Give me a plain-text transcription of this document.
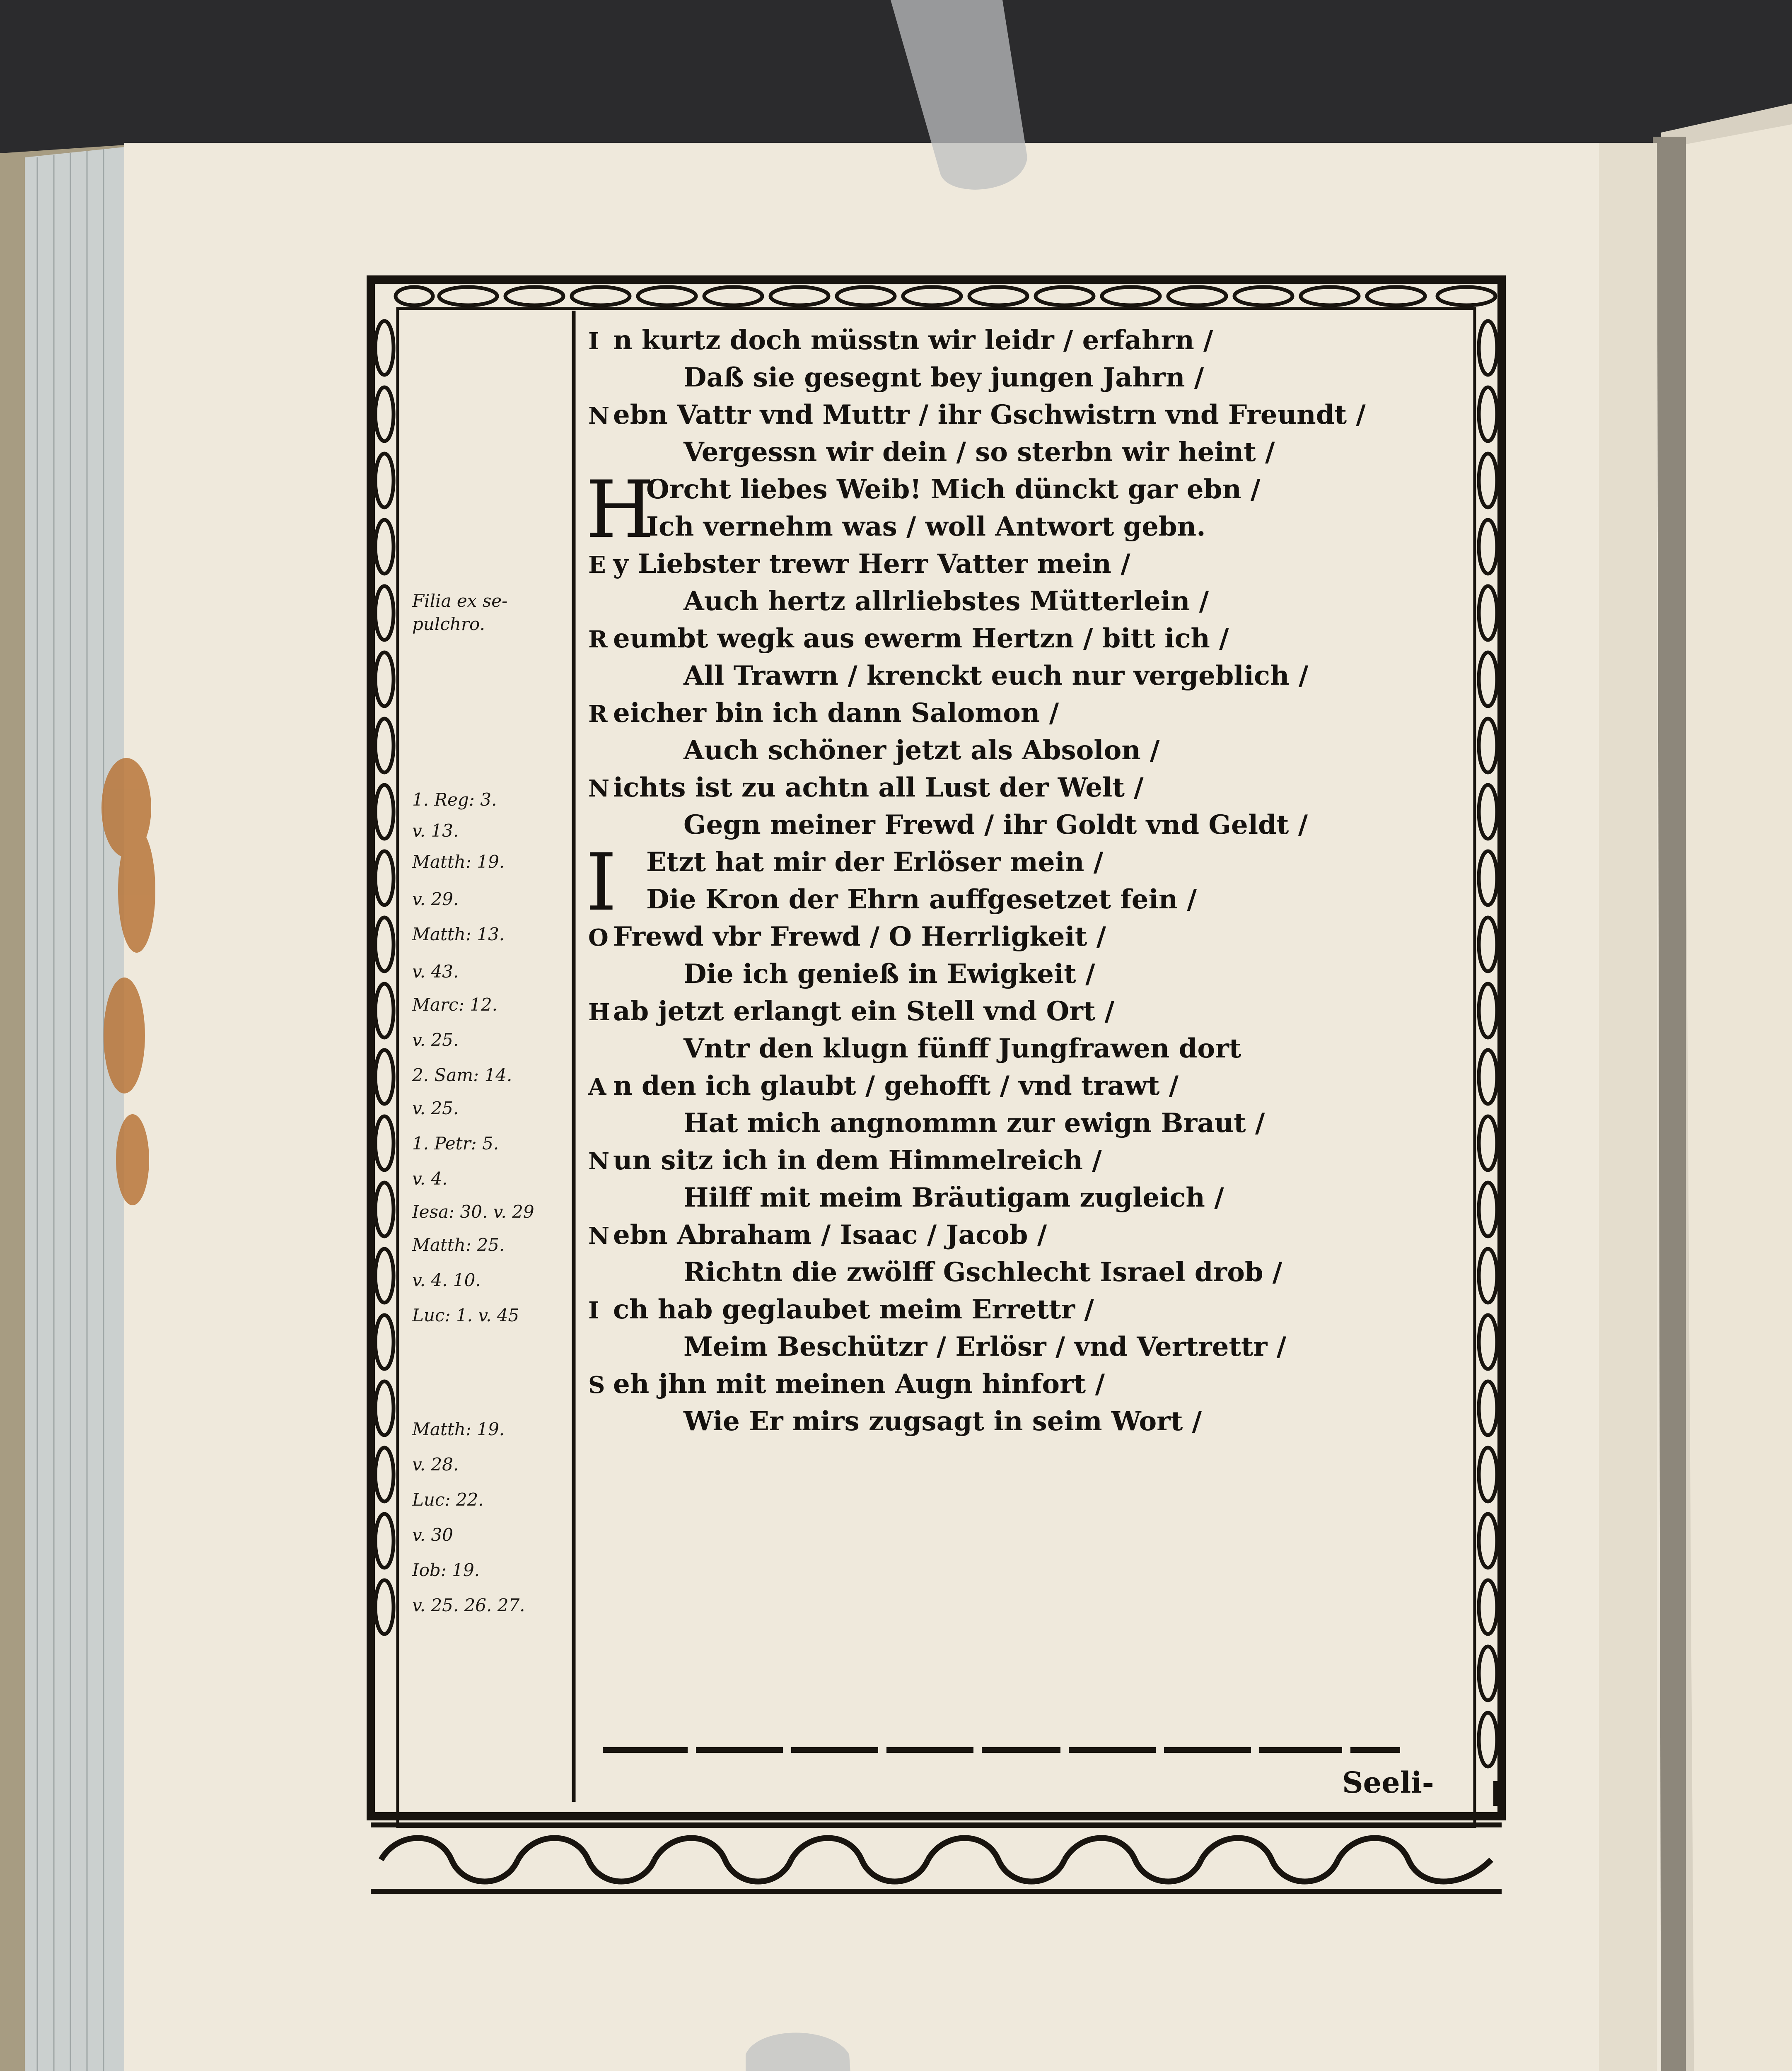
Filia ex se-

pulchro.

1. Reg: 3.

v. 13.

Matth: 19.

v. 29.

Matth: 13.

v. 43.

Marc: 12.

v. 25.

2. Sam: 14.

v. 25.

1. Petr: 5.

v. 4.

Iesa: 30. v. 29

Matth: 25.

v. 4. 10.

Luc: 1. v. 45

Matth: 19.

v. 28.

Luc: 22.

v. 30

Iob: 19.

v. 25. 26. 27.

I n kurtz doch müsstn wir leidr / erfahrn /

Daß sie gesegnt bey jungen Jahrn /

N ebn Vattr vnd Muttr / ihr Gschwistrn vnd Freundt /

Vergessn wir dein / so sterbn wir heint /

H
Orcht liebes Weib! Mich dünckt gar ebn /

Ich vernehm was / woll Antwort gebn.

E y Liebster trewr Herr Vatter mein /

Auch hertz allrliebstes Mütterlein /

R eumbt wegk aus ewerm Hertzn / bitt ich /

All Trawrn / krenckt euch nur vergeblich /

R eicher bin ich dann Salomon /

Auch schöner jetzt als Absolon /

N ichts ist zu achtn all Lust der Welt /

Gegn meiner Frewd / ihr Goldt vnd Geldt /

I Etzt hat mir der Erlöser mein /

Die Kron der Ehrn auffgesetzet fein /

O Frewd vbr Frewd / O Herrligkeit /

Die ich genieß in Ewigkeit /

H ab jetzt erlangt ein Stell vnd Ort /

Vntr den klugn fünff Jungfrawen dort

A n den ich glaubt / gehofft / vnd trawt /

Hat mich angnommn zur ewign Braut /

N un sitz ich in dem Himmelreich /

Hilff mit meim Bräutigam zugleich /

N ebn Abraham / Isaac / Jacob /

Richtn die zwölff Gschlecht Israel drob /

I ch hab geglaubet meim Errettr /

Meim Beschützr / Erlösr / vnd Vertrettr /

S eh jhn mit meinen Augn hinfort /

Wie Er mirs zugsagt in seim Wort /

Seeli-
